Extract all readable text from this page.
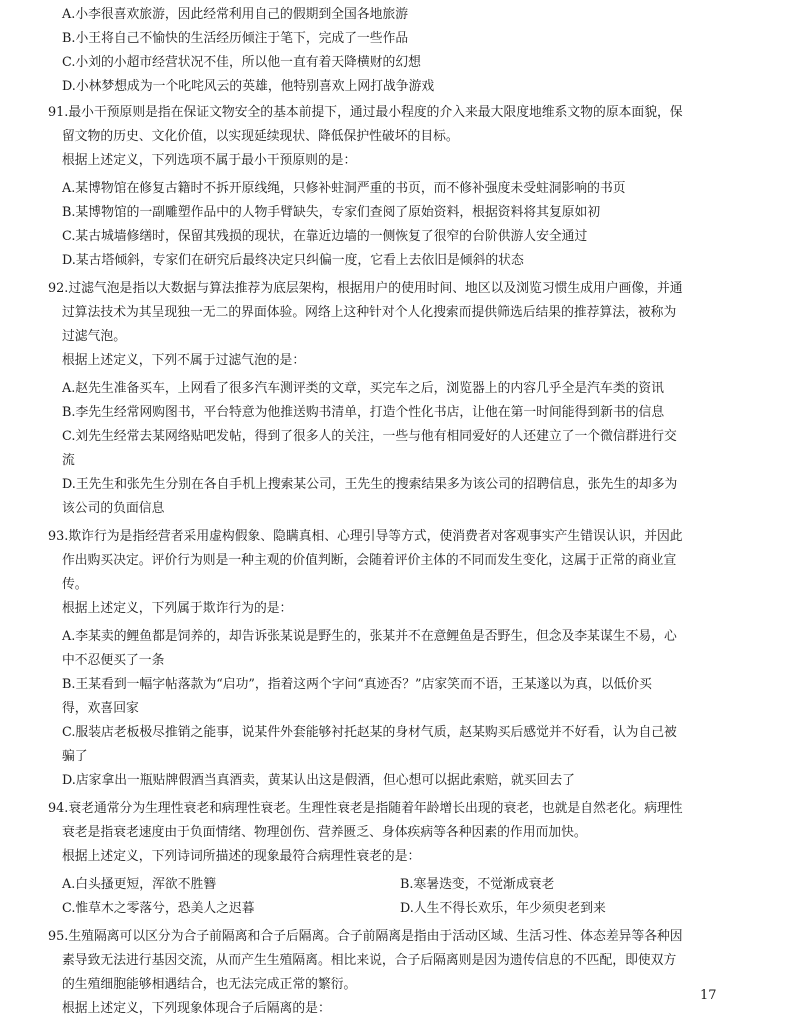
A.小李很喜欢旅游，因此经常利用自己的假期到全国各地旅游
B.小王将自己不愉快的生活经历倾注于笔下，完成了一些作品
C.小刘的小超市经营状况不佳，所以他一直有着天降横财的幻想
D.小林梦想成为一个叱咤风云的英雄，他特别喜欢上网打战争游戏
91.最小干预原则是指在保证文物安全的基本前提下，通过最小程度的介入来最大限度地维系文物的原本面貌，保
留文物的历史、文化价值，以实现延续现状、降低保护性破坏的目标。
根据上述定义，下列选项不属于最小干预原则的是：
A.某博物馆在修复古籍时不拆开原线绳，只修补蛀洞严重的书页，而不修补强度未受蛀洞影响的书页
B.某博物馆的一副雕塑作品中的人物手臂缺失，专家们查阅了原始资料，根据资料将其复原如初
C.某古城墙修缮时，保留其残损的现状，在靠近边墙的一侧恢复了很窄的台阶供游人安全通过
D.某古塔倾斜，专家们在研究后最终决定只纠偏一度，它看上去依旧是倾斜的状态
92.过滤气泡是指以大数据与算法推荐为底层架构，根据用户的使用时间、地区以及浏览习惯生成用户画像，并通
过算法技术为其呈现独一无二的界面体验。网络上这种针对个人化搜索而提供筛选后结果的推荐算法，被称为
过滤气泡。
根据上述定义，下列不属于过滤气泡的是：
A.赵先生准备买车，上网看了很多汽车测评类的文章，买完车之后，浏览器上的内容几乎全是汽车类的资讯
B.李先生经常网购图书，平台特意为他推送购书清单，打造个性化书店，让他在第一时间能得到新书的信息
C.刘先生经常去某网络贴吧发帖，得到了很多人的关注，一些与他有相同爱好的人还建立了一个微信群进行交
流
D.王先生和张先生分别在各自手机上搜索某公司，王先生的搜索结果多为该公司的招聘信息，张先生的却多为
该公司的负面信息
93.欺诈行为是指经营者采用虚构假象、隐瞒真相、心理引导等方式，使消费者对客观事实产生错误认识，并因此
作出购买决定。评价行为则是一种主观的价值判断，会随着评价主体的不同而发生变化，这属于正常的商业宣
传。
根据上述定义，下列属于欺诈行为的是：
A.李某卖的鲤鱼都是饲养的，却告诉张某说是野生的，张某并不在意鲤鱼是否野生，但念及李某谋生不易，心
中不忍便买了一条
B.王某看到一幅字帖落款为“启功”，指着这两个字问“真迹否？”店家笑而不语，王某遂以为真，以低价买
得，欢喜回家
C.服装店老板极尽推销之能事，说某件外套能够衬托赵某的身材气质，赵某购买后感觉并不好看，认为自己被
骗了
D.店家拿出一瓶贴牌假酒当真酒卖，黄某认出这是假酒，但心想可以据此索赔，就买回去了
94.衰老通常分为生理性衰老和病理性衰老。生理性衰老是指随着年龄增长出现的衰老，也就是自然老化。病理性
衰老是指衰老速度由于负面情绪、物理创伤、营养匮乏、身体疾病等各种因素的作用而加快。
根据上述定义，下列诗词所描述的现象最符合病理性衰老的是：
A.白头搔更短，浑欲不胜簪	B.寒暑迭变，不觉渐成衰老
C.惟草木之零落兮，恐美人之迟暮	D.人生不得长欢乐，年少须臾老到来
95.生殖隔离可以区分为合子前隔离和合子后隔离。合子前隔离是指由于活动区域、生活习性、体态差异等各种因
素导致无法进行基因交流，从而产生生殖隔离。相比来说，合子后隔离则是因为遗传信息的不匹配，即使双方
的生殖细胞能够相遇结合，也无法完成正常的繁衍。
根据上述定义，下列现象体现合子后隔离的是：
17
